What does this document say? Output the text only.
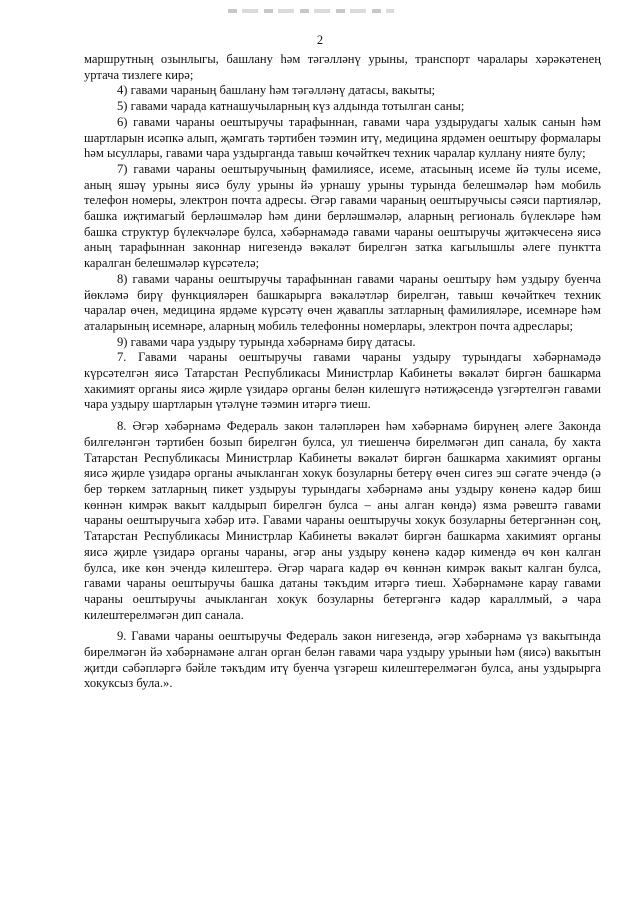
2

маршрутның озынлыгы, башлану һәм тәгәлләнү урыны, транспорт чаралары хәрәкәтенең уртача тизлеге кирә;

4) гавами чараның башлану һәм тәгәлләнү датасы, вакыты;

5) гавами чарада катнашучыларның күз алдында тотылган саны;

6) гавами чараны оештыручы тарафыннан, гавами чара уздырудагы халык санын һәм шартларын исәпкә алып, җәмгать тәртибен тәэмин итү, медицина ярдәмен оештыру формалары һәм ысуллары, гавами чара уздырганда тавыш көчәйткеч техник чаралар куллану нияте булу;

7) гавами чараны оештыручының фамилиясе, исеме, атасының исеме йә тулы исеме, аның яшәү урыны яисә булу урыны йә урнашу урыны турында белешмәләр һәм мобиль телефон номеры, электрон почта адресы. Әгәр гавами чараның оештыручысы сәяси партияләр, башка иҗтимагый берләшмәләр һәм дини берләшмәләр, аларның региональ бүлекләре һәм башка структур бүлекчәләре булса, хәбәрнамәдә гавами чараны оештыручы җитәкчесенә яисә аның тарафыннан законнар нигезендә вәкаләт бирелгән затка кагылышлы әлеге пунктта каралган белешмәләр күрсәтелә;

8) гавами чараны оештыручы тарафыннан гавами чараны оештыру һәм уздыру буенча йөкләмә бирү функцияләрен башкарырга вәкаләтләр бирелгән, тавыш көчәйткеч техник чаралар өчен, медицина ярдәме күрсәтү өчен җаваплы затларның фамилияләре, исемнәре һәм аталарының исемнәре, аларның мобиль телефонны номерлары, электрон почта адреслары;

9) гавами чара уздыру турында хәбәрнамә бирү датасы.

7. Гавами чараны оештыручы гавами чараны уздыру турындагы хәбәрнамәдә күрсәтелгән яисә Татарстан Республикасы Министрлар Кабинеты вәкаләт биргән башкарма хакимият органы яисә җирле үзидарә органы белән килешүгә нәтиҗәсендә үзгәртелгән гавами чара уздыру шартларын үтәлүне тәэмин итәргә тиеш.

8. Әгәр хәбәрнамә Федераль закон таләпләрен һәм хәбәрнамә бирүнең әлеге Законда билгеләнгән тәртибен бозып бирелгән булса, ул тиешенчә бирелмәгән дип санала, бу хакта Татарстан Республикасы Министрлар Кабинеты вәкаләт биргән башкарма хакимият органы яисә җирле үзидарә органы ачыкланган хокук бозуларны бетерү өчен сигез эш сәгате эчендә (ә бер төркем затларның пикет уздыруы турындагы хәбәрнамә аны уздыру көненә кадәр биш көннән кимрәк вакыт калдырып бирелгән булса – аны алган көндә) язма рәвештә гавами чараны оештыручыга хәбәр итә. Гавами чараны оештыручы хокук бозуларны бетергәннән соң, Татарстан Республикасы Министрлар Кабинеты вәкаләт биргән башкарма хакимият органы яисә җирле үзидарә органы чараны, әгәр аны уздыру көненә кадәр кимендә өч көн калган булса, ике көн эчендә килештерә. Әгәр чарага кадәр өч көннән кимрәк вакыт калган булса, гавами чараны оештыручы башка датаны тәкъдим итәргә тиеш. Хәбәрнамәне карау гавами чараны оештыручы ачыкланган хокук бозуларны бетергәнгә кадәр караллмый, ә чара килештерелмәгән дип санала.

9. Гавами чараны оештыручы Федераль закон нигезендә, әгәр хәбәрнамә үз вакытында бирелмәгән йә хәбәрнамәне алган орган белән гавами чара уздыру урыныи һәм (яисә) вакытын җитди сәбәпләргә бәйле тәкъдим итү буенча үзгәреш килештерелмәгән булса, аны уздырырга хокуксыз була.».
